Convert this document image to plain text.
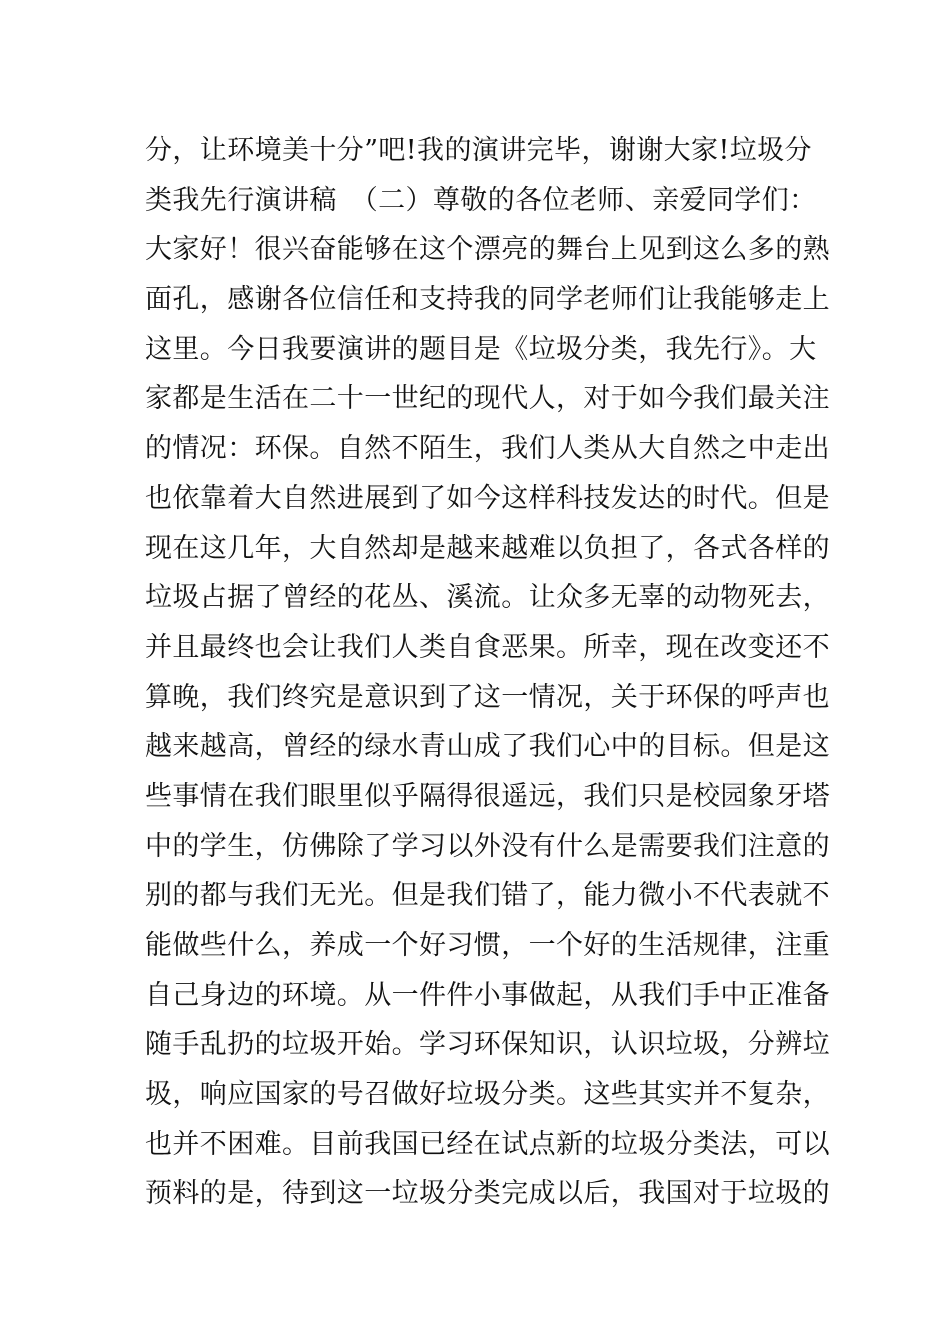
分，让环境美十分”吧!我的演讲完毕，谢谢大家!垃圾分
类我先行演讲稿　（二）尊敬的各位老师、亲爱同学们：
大家好！很兴奋能够在这个漂亮的舞台上见到这么多的熟
面孔，感谢各位信任和支持我的同学老师们让我能够走上
这里。今日我要演讲的题目是《垃圾分类，我先行》。大
家都是生活在二十一世纪的现代人，对于如今我们最关注
的情况：环保。自然不陌生，我们人类从大自然之中走出
也依靠着大自然进展到了如今这样科技发达的时代。但是
现在这几年，大自然却是越来越难以负担了，各式各样的
垃圾占据了曾经的花丛、溪流。让众多无辜的动物死去，
并且最终也会让我们人类自食恶果。所幸，现在改变还不
算晚，我们终究是意识到了这一情况，关于环保的呼声也
越来越高，曾经的绿水青山成了我们心中的目标。但是这
些事情在我们眼里似乎隔得很遥远，我们只是校园象牙塔
中的学生，仿佛除了学习以外没有什么是需要我们注意的
别的都与我们无光。但是我们错了，能力微小不代表就不
能做些什么，养成一个好习惯，一个好的生活规律，注重
自己身边的环境。从一件件小事做起，从我们手中正准备
随手乱扔的垃圾开始。学习环保知识，认识垃圾，分辨垃
圾，响应国家的号召做好垃圾分类。这些其实并不复杂，
也并不困难。目前我国已经在试点新的垃圾分类法，可以
预料的是，待到这一垃圾分类完成以后，我国对于垃圾的
